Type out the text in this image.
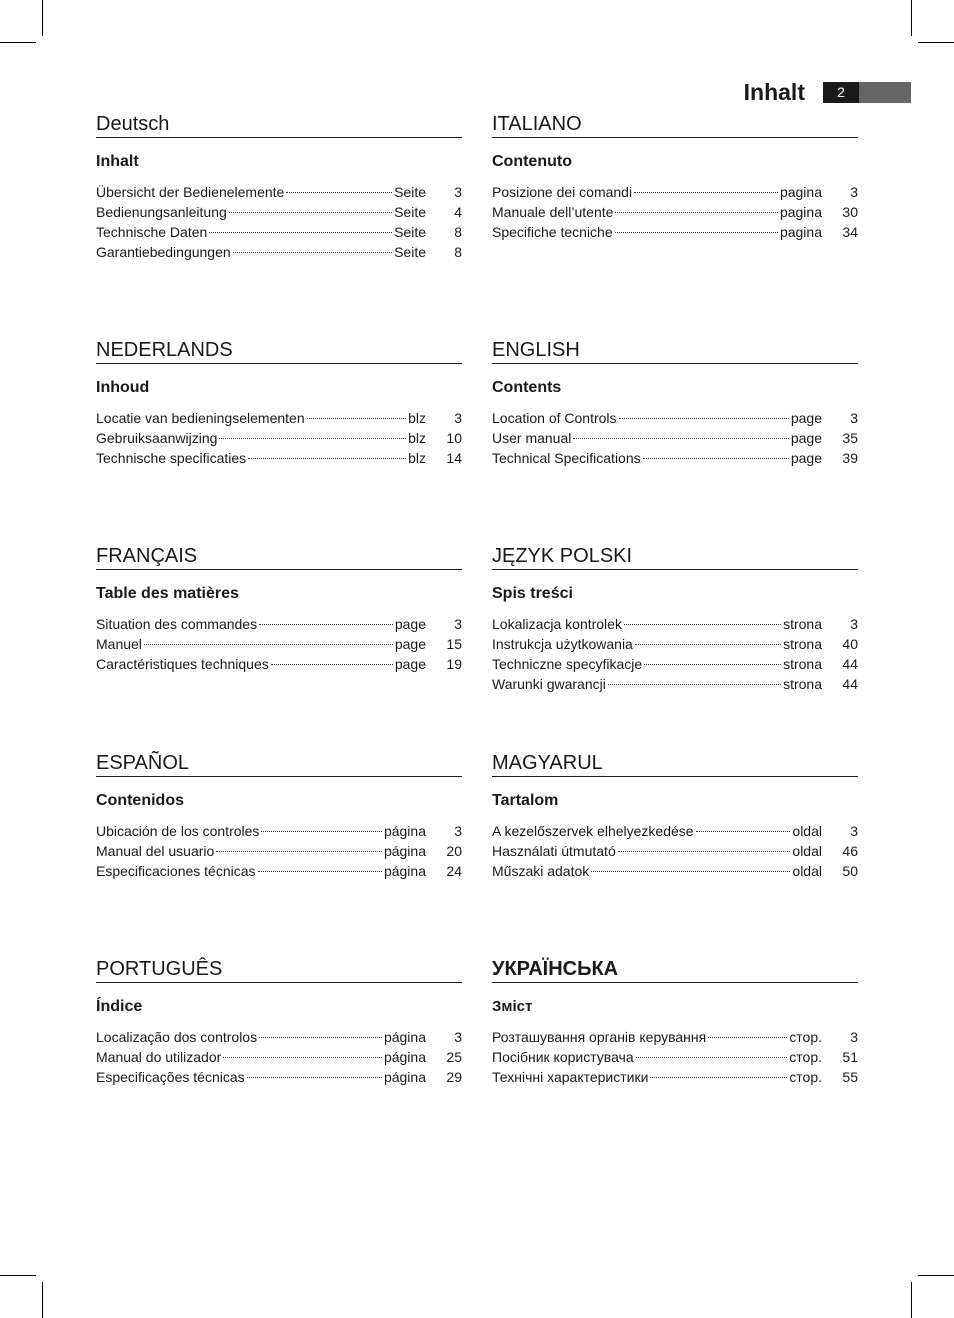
Inhalt	2
Deutsch
Inhalt
Übersicht der Bedienelemente	Seite	3
Bedienungsanleitung	Seite	4
Technische Daten	Seite	8
Garantiebedingungen	Seite	8
ITALIANO
Contenuto
Posizione dei comandi	pagina	3
Manuale dell’utente	pagina	30
Specifiche tecniche	pagina	34
NEDERLANDS
Inhoud
Locatie van bedieningselementen	blz	3
Gebruiksaanwijzing	blz	10
Technische specificaties	blz	14
ENGLISH
Contents
Location of Controls	page	3
User manual	page	35
Technical Specifications	page	39
FRANÇAIS
Table des matières
Situation des commandes	page	3
Manuel	page	15
Caractéristiques techniques	page	19
JĘZYK POLSKI
Spis treści
Lokalizacja kontrolek	strona	3
Instrukcja użytkowania	strona	40
Techniczne specyfikacje	strona	44
Warunki gwarancji	strona	44
ESPAÑOL
Contenidos
Ubicación de los controles	página	3
Manual del usuario	página	20
Especificaciones técnicas	página	24
MAGYARUL
Tartalom
A kezelőszervek elhelyezkedése	oldal	3
Használati útmutató	oldal	46
Műszaki adatok	oldal	50
PORTUGUÊS
Índice
Localização dos controlos	página	3
Manual do utilizador	página	25
Especificações técnicas	página	29
УКРАЇНСЬКА
Зміст
Розташування органів керування	стор.	3
Посібник користувача	стор.	51
Технічні характеристики	стор.	55
